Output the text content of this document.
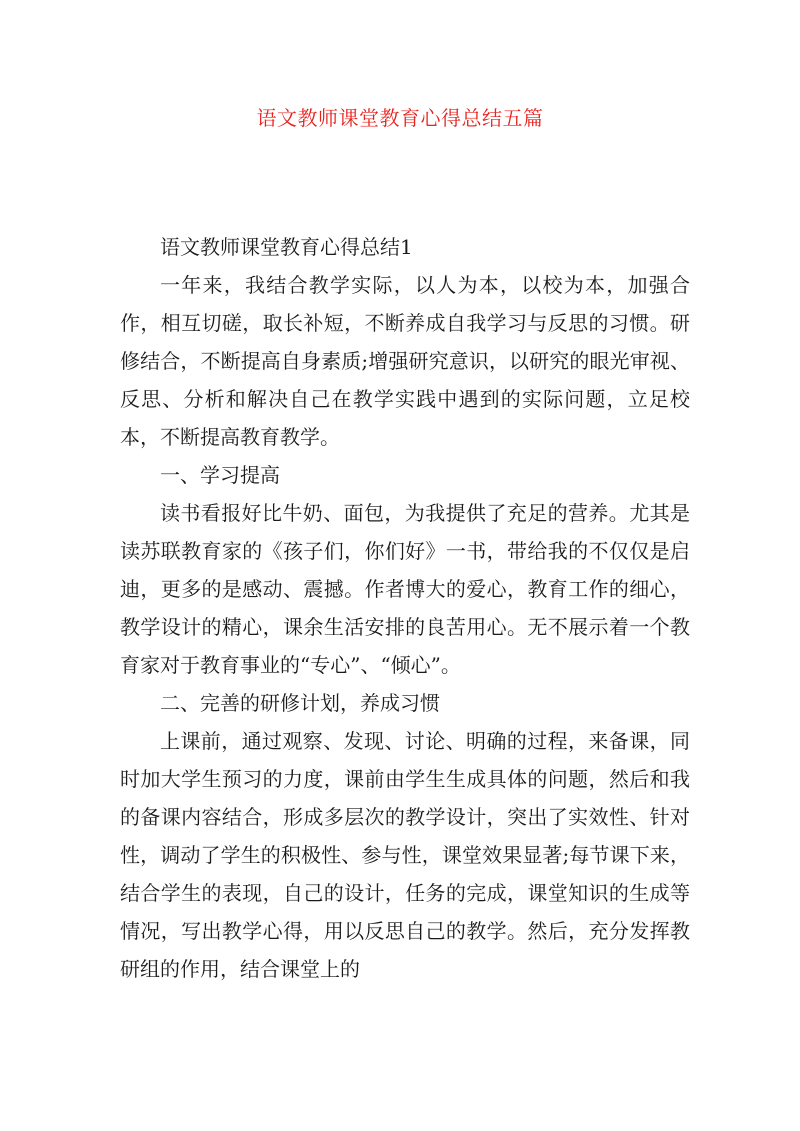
语文教师课堂教育心得总结五篇

语文教师课堂教育心得总结1

一年来，我结合教学实际，以人为本，以校为本，加强合作，相互切磋，取长补短，不断养成自我学习与反思的习惯。研修结合，不断提高自身素质;增强研究意识，以研究的眼光审视、反思、分析和解决自己在教学实践中遇到的实际问题，立足校本，不断提高教育教学。

一、学习提高

读书看报好比牛奶、面包，为我提供了充足的营养。尤其是读苏联教育家的《孩子们，你们好》一书，带给我的不仅仅是启迪，更多的是感动、震撼。作者博大的爱心，教育工作的细心，教学设计的精心，课余生活安排的良苦用心。无不展示着一个教育家对于教育事业的“专心”、“倾心”。

二、完善的研修计划，养成习惯

上课前，通过观察、发现、讨论、明确的过程，来备课，同时加大学生预习的力度，课前由学生生成具体的问题，然后和我的备课内容结合，形成多层次的教学设计，突出了实效性、针对性，调动了学生的积极性、参与性，课堂效果显著;每节课下来，结合学生的表现，自己的设计，任务的完成，课堂知识的生成等情况，写出教学心得，用以反思自己的教学。然后，充分发挥教研组的作用，结合课堂上的
